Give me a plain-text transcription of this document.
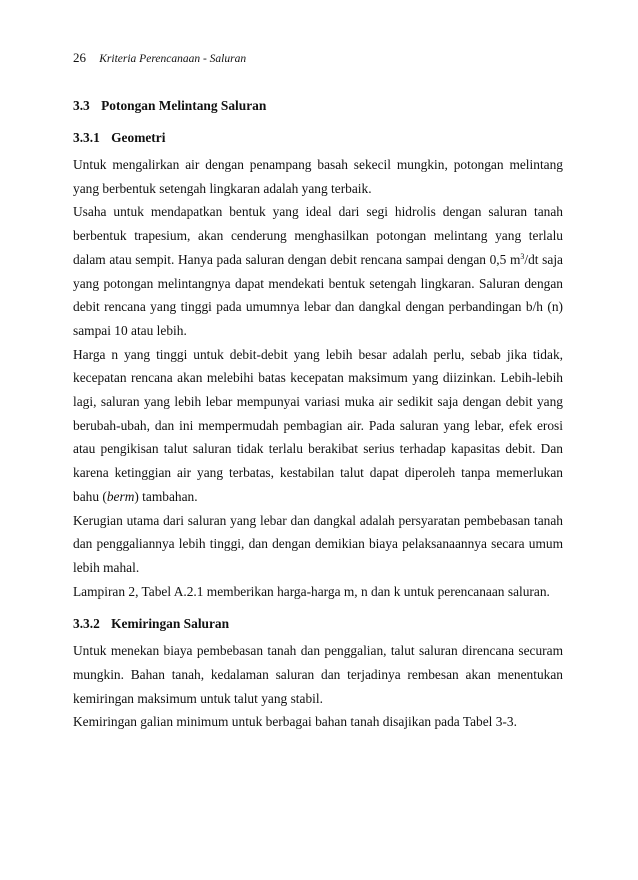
26 Kriteria Perencanaan - Saluran
3.3 Potongan Melintang Saluran
3.3.1 Geometri

Untuk mengalirkan air dengan penampang basah sekecil mungkin, potongan melintang yang berbentuk setengah lingkaran adalah yang terbaik.

Usaha untuk mendapatkan bentuk yang ideal dari segi hidrolis dengan saluran tanah berbentuk trapesium, akan cenderung menghasilkan potongan melintang yang terlalu dalam atau sempit. Hanya pada saluran dengan debit rencana sampai dengan 0,5 $m^3/dt$ saja yang potongan melintangnya dapat mendekati bentuk setengah lingkaran. Saluran dengan debit rencana yang tinggi pada umumnya lebar dan dangkal dengan perbandingan b/h (n) sampai 10 atau lebih.

Harga n yang tinggi untuk debit-debit yang lebih besar adalah perlu, sebab jika tidak, kecepatan rencana akan melebihi batas kecepatan maksimum yang diizinkan. Lebih-lebih lagi, saluran yang lebih lebar mempunyai variasi muka air sedikit saja dengan debit yang berubah-ubah, dan ini mempermudah pembagian air. Pada saluran yang lebar, efek erosi atau pengikisan talut saluran tidak terlalu berakibat serius terhadap kapasitas debit. Dan karena ketinggian air yang terbatas, kestabilan talut dapat diperoleh tanpa memerlukan bahu (berm) tambahan.

Kerugian utama dari saluran yang lebar dan dangkal adalah persyaratan pembebasan tanah dan penggaliannya lebih tinggi, dan dengan demikian biaya pelaksanaannya secara umum lebih mahal.

Lampiran 2, Tabel A.2.1 memberikan harga-harga m, n dan k untuk perencanaan saluran.

3.3.2 Kemiringan Saluran

Untuk menekan biaya pembebasan tanah dan penggalian, talut saluran direncana securam mungkin. Bahan tanah, kedalaman saluran dan terjadinya rembesan akan menentukan kemiringan maksimum untuk talut yang stabil.

Kemiringan galian minimum untuk berbagai bahan tanah disajikan pada Tabel 3-3.
